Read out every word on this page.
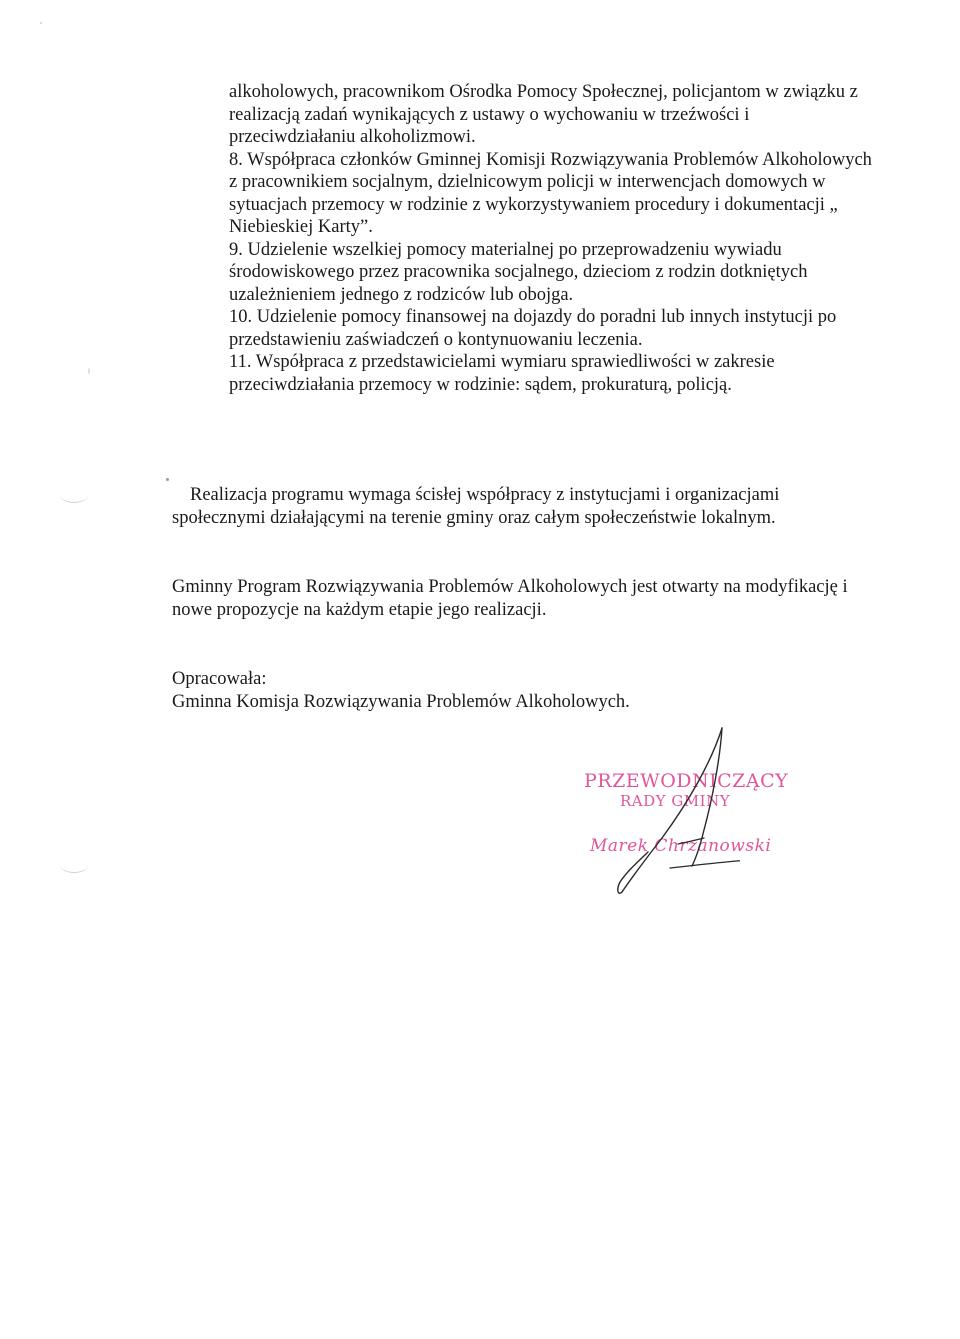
alkoholowych, pracownikom Ośrodka Pomocy Społecznej, policjantom w związku z realizacją zadań wynikających z ustawy o wychowaniu w trzeźwości i przeciwdziałaniu alkoholizmowi.

8. Współpraca członków Gminnej Komisji Rozwiązywania Problemów Alkoholowych z pracownikiem socjalnym, dzielnicowym policji w interwencjach domowych w sytuacjach przemocy w rodzinie z wykorzystywaniem procedury i dokumentacji „ Niebieskiej Karty”.

9. Udzielenie wszelkiej pomocy materialnej po przeprowadzeniu wywiadu środowiskowego przez pracownika socjalnego, dzieciom z rodzin dotkniętych uzależnieniem jednego z rodziców lub obojga.

10. Udzielenie pomocy finansowej na dojazdy do poradni lub innych instytucji po przedstawieniu zaświadczeń o kontynuowaniu leczenia.

11. Współpraca z przedstawicielami wymiaru sprawiedliwości w zakresie przeciwdziałania przemocy w rodzinie: sądem, prokuraturą, policją.

Realizacja programu wymaga ścisłej współpracy z instytucjami i organizacjami społecznymi działającymi na terenie gminy oraz całym społeczeństwie lokalnym.

Gminny Program Rozwiązywania Problemów Alkoholowych jest otwarty na modyfikację i nowe propozycje na każdym etapie jego realizacji.

Opracowała:
Gminna Komisja Rozwiązywania Problemów Alkoholowych.
PRZEWODNICZĄCY
RADY GMINY
Marek Chrzanowski
